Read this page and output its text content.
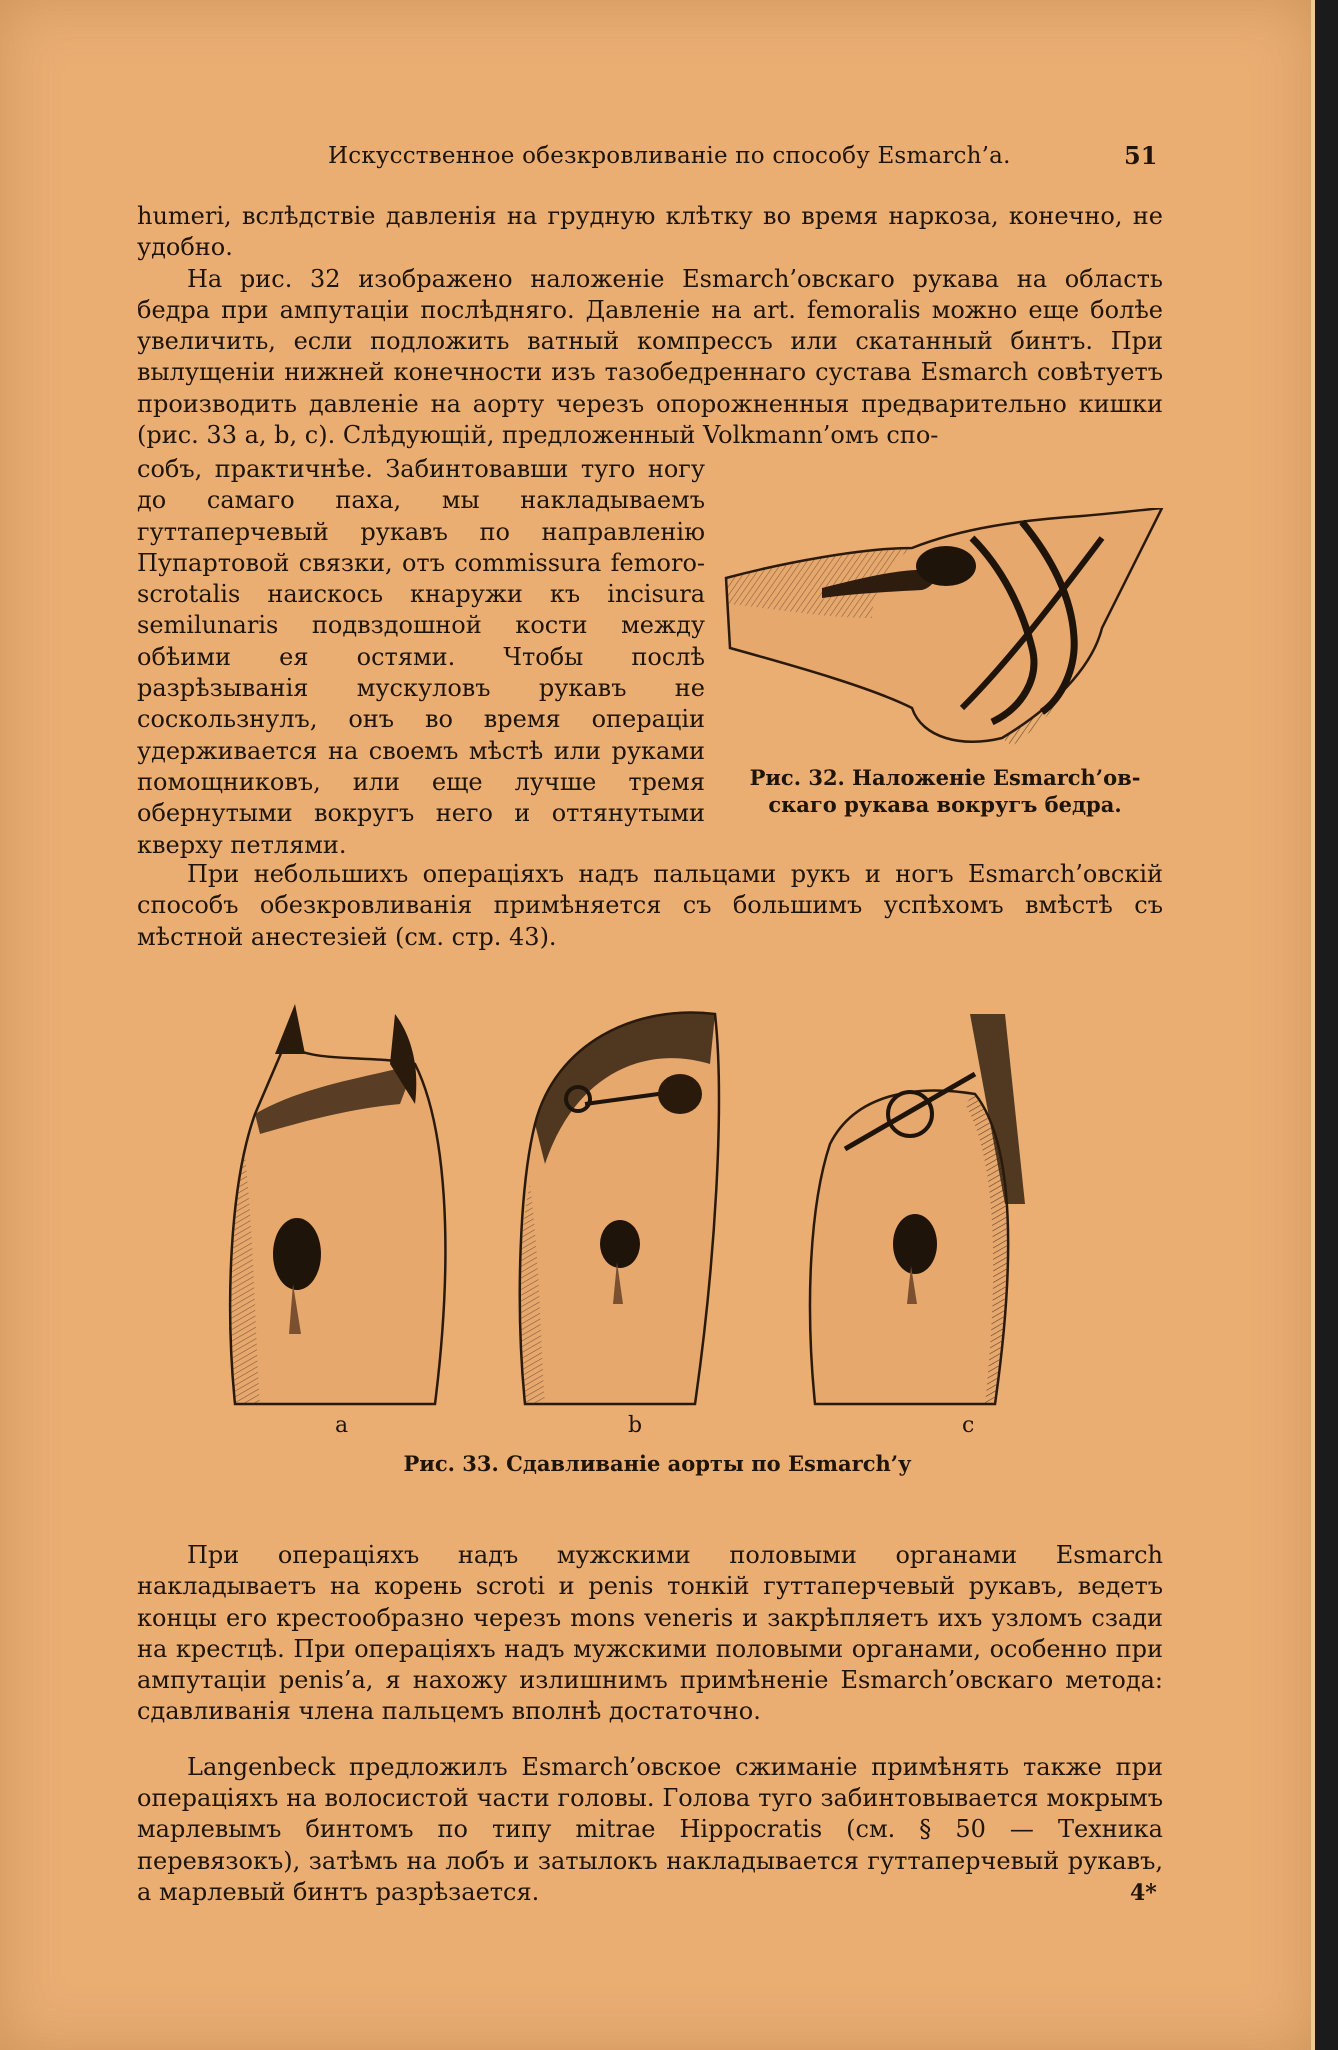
Искусственное обезкровливаніе по способу Esmarch’a.	51

humeri, вслѣдствіе давленія на грудную клѣтку во время наркоза, конечно, не удобно.

На рис. 32 изображено наложеніе Esmarch’овскаго рукава на область бедра при ампутаціи послѣдняго. Давленіе на art. femoralis можно еще болѣе увеличить, если подложить ватный компрессъ или скатанный бинтъ. При вылущеніи нижней конечности изъ тазобедреннаго сустава Esmarch совѣтуетъ производить давленіе на аорту черезъ опорожненныя предварительно кишки (рис. 33 a, b, c). Слѣдующій, предложенный Volkmann’омъ спо-

собъ, практичнѣе. Забинтовавши туго ногу до самаго паха, мы накладываемъ гуттаперчевый рукавъ по направленію Пупартовой связки, отъ commissura femoro-scrotalis наискось кнаружи къ incisura semilunaris подвздошной кости между обѣими ея остями. Чтобы послѣ разрѣзыванія мускуловъ рукавъ не соскользнулъ, онъ во время операціи удерживается на своемъ мѣстѣ или руками помощниковъ, или еще лучше тремя обернутыми вокругъ него и оттянутыми кверху петлями.
Рис. 32. Наложеніе Esmarch’ов-
скаго рукава вокругъ бедра.
При небольшихъ операціяхъ надъ пальцами рукъ и ногъ Esmarch’овскій способъ обезкровливанія примѣняется съ большимъ успѣхомъ вмѣстѣ съ мѣстной анестезіей (см. стр. 43).
a	b	c
Рис. 33. Сдавливаніе аорты по Esmarch’у

При операціяхъ надъ мужскими половыми органами Esmarch накладываетъ на корень scroti и penis тонкій гуттаперчевый рукавъ, ведетъ концы его крестообразно черезъ mons veneris и закрѣпляетъ ихъ узломъ сзади на крестцѣ. При операціяхъ надъ мужскими половыми органами, особенно при ампутаціи penis’a, я нахожу излишнимъ примѣненіе Esmarch’овскаго метода: сдавливанія члена пальцемъ вполнѣ достаточно.

Langenbeck предложилъ Esmarch’овское сжиманіе примѣнять также при операціяхъ на волосистой части головы. Голова туго забинтовывается мокрымъ марлевымъ бинтомъ по типу mitrae Hippocratis (см. § 50 — Техника перевязокъ), затѣмъ на лобъ и затылокъ накладывается гуттаперчевый рукавъ, а марлевый бинтъ разрѣзается.	4*
